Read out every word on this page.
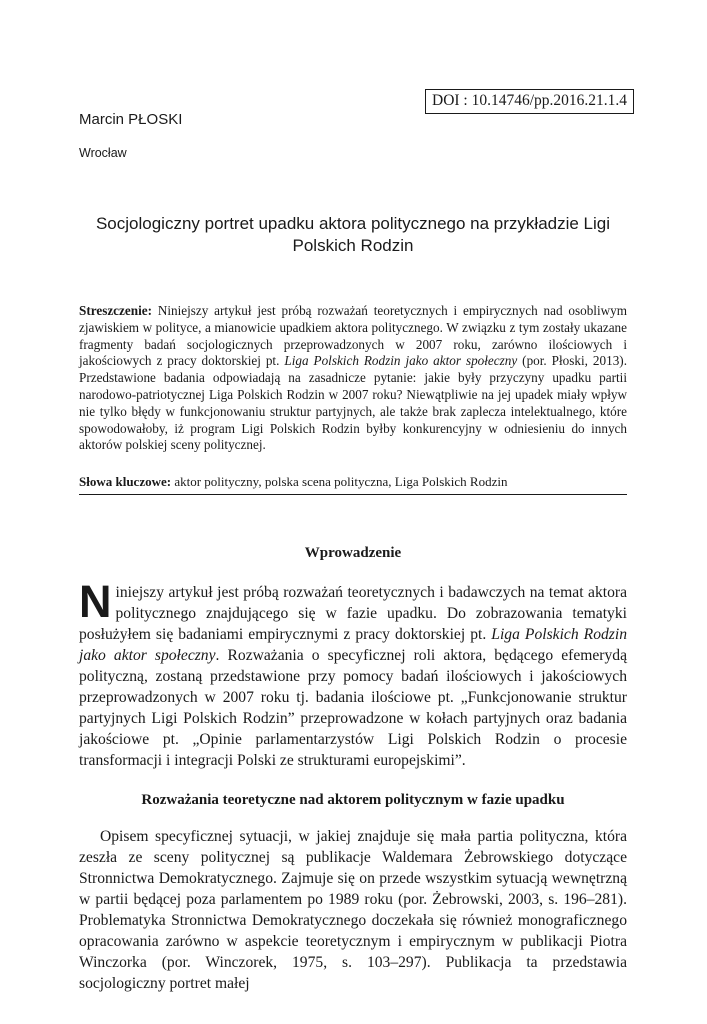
DOI : 10.14746/pp.2016.21.1.4
Marcin PŁOSKI
Wrocław
Socjologiczny portret upadku aktora politycznego na przykładzie Ligi Polskich Rodzin

Streszczenie: Niniejszy artykuł jest próbą rozważań teoretycznych i empirycznych nad osobliwym zjawiskiem w polityce, a mianowicie upadkiem aktora politycznego. W związku z tym zostały ukazane fragmenty badań socjologicznych przeprowadzonych w 2007 roku, zarówno ilościowych i jakościowych z pracy doktorskiej pt. Liga Polskich Rodzin jako aktor społeczny (por. Płoski, 2013). Przedstawione badania odpowiadają na zasadnicze pytanie: jakie były przyczyny upadku partii narodowo-patriotycznej Liga Polskich Rodzin w 2007 roku? Niewątpliwie na jej upadek miały wpływ nie tylko błędy w funkcjonowaniu struktur partyjnych, ale także brak zaplecza intelektualnego, które spowodowałoby, iż program Ligi Polskich Rodzin byłby konkurencyjny w odniesieniu do innych aktorów polskiej sceny politycznej.

Słowa kluczowe: aktor polityczny, polska scena polityczna, Liga Polskich Rodzin
Wprowadzenie

Niniejszy artykuł jest próbą rozważań teoretycznych i badawczych na temat aktora politycznego znajdującego się w fazie upadku. Do zobrazowania tematyki posłużyłem się badaniami empirycznymi z pracy doktorskiej pt. Liga Polskich Rodzin jako aktor społeczny. Rozważania o specyficznej roli aktora, będącego efemerydą polityczną, zostaną przedstawione przy pomocy badań ilościowych i jakościowych przeprowadzonych w 2007 roku tj. badania ilościowe pt. „Funkcjonowanie struktur partyjnych Ligi Polskich Rodzin” przeprowadzone w kołach partyjnych oraz badania jakościowe pt. „Opinie parlamentarzystów Ligi Polskich Rodzin o procesie transformacji i integracji Polski ze strukturami europejskimi”.

Rozważania teoretyczne nad aktorem politycznym w fazie upadku

Opisem specyficznej sytuacji, w jakiej znajduje się mała partia polityczna, która zeszła ze sceny politycznej są publikacje Waldemara Żebrowskiego dotyczące Stronnictwa Demokratycznego. Zajmuje się on przede wszystkim sytuacją wewnętrzną w partii będącej poza parlamentem po 1989 roku (por. Żebrowski, 2003, s. 196–281). Problematyka Stronnictwa Demokratycznego doczekała się również monograficznego opracowania zarówno w aspekcie teoretycznym i empirycznym w publikacji Piotra Winczorka (por. Winczorek, 1975, s. 103–297). Publikacja ta przedstawia socjologiczny portret małej
